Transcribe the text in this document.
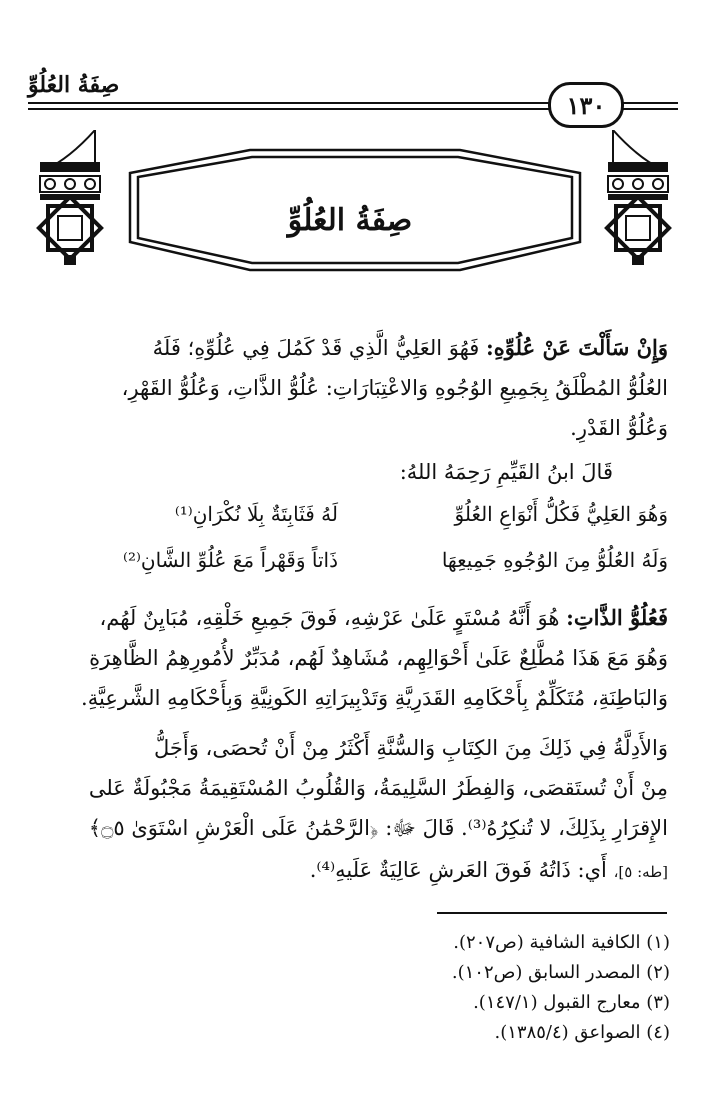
صِفَةُ العُلُوِّ
١٣٠
صِفَةُ العُلُوِّ
وَإِنْ سَأَلْتَ عَنْ عُلُوِّهِ: فَهُوَ العَلِيُّ الَّذِي قَدْ كَمُلَ فِي عُلُوِّهِ؛ فَلَهُ
العُلُوُّ المُطْلَقُ بِجَمِيعِ الوُجُوهِ وَالاعْتِبَارَاتِ: عُلُوُّ الذَّاتِ، وَعُلُوُّ القَهْرِ،
وَعُلُوُّ القَدْرِ.
قَالَ ابنُ القَيِّمِ رَحِمَهُ اللهُ:
وَهُوَ العَلِيُّ فَكُلُّ أَنْوَاعِ العُلُوِّ
لَهُ فَثَابِتَةٌ بِلَا نُكْرَانِ⁽¹⁾
وَلَهُ العُلُوُّ مِنَ الوُجُوهِ جَمِيعِهَا
ذَاتاً وَقَهْراً مَعَ عُلُوِّ الشَّانِ⁽²⁾
فَعُلُوُّ الذَّاتِ: هُوَ أَنَّهُ مُسْتَوٍ عَلَىٰ عَرْشِهِ، فَوقَ جَمِيعِ خَلْقِهِ، مُبَايِنٌ لَهُم،
وَهُوَ مَعَ هَذَا مُطَّلِعٌ عَلَىٰ أَحْوَالِهِم، مُشَاهِدٌ لَهُم، مُدَبِّرٌ لأُمُورِهِمُ الظَّاهِرَةِ
وَالبَاطِنَةِ، مُتَكَلِّمٌ بِأَحْكَامِهِ القَدَرِيَّةِ وَتَدْبِيرَاتِهِ الكَونِيَّةِ وَبِأَحْكَامِهِ الشَّرعِيَّةِ.
وَالأَدِلَّةُ فِي ذَلِكَ مِنَ الكِتَابِ وَالسُّنَّةِ أَكْثَرُ مِنْ أَنْ تُحصَى، وَأَجَلُّ
مِنْ أَنْ تُستَقصَى، وَالفِطَرُ السَّلِيمَةُ، وَالقُلُوبُ المُسْتَقِيمَةُ مَجْبُولَةٌ عَلى
الإِقرَارِ بِذَلِكَ، لا تُنكِرُهُ⁽³⁾. قَالَ ﷻ: ﴿الرَّحْمَٰنُ عَلَى الْعَرْشِ اسْتَوَىٰ ۝٥﴾
[طه: ٥]، أَي: ذَاتُهُ فَوقَ العَرشِ عَالِيَةٌ عَلَيهِ⁽⁴⁾.
(١) الكافية الشافية (ص٢٠٧).
(٢) المصدر السابق (ص١٠٢).
(٣) معارج القبول (١٤٧/١).
(٤) الصواعق (١٣٨٥/٤).
